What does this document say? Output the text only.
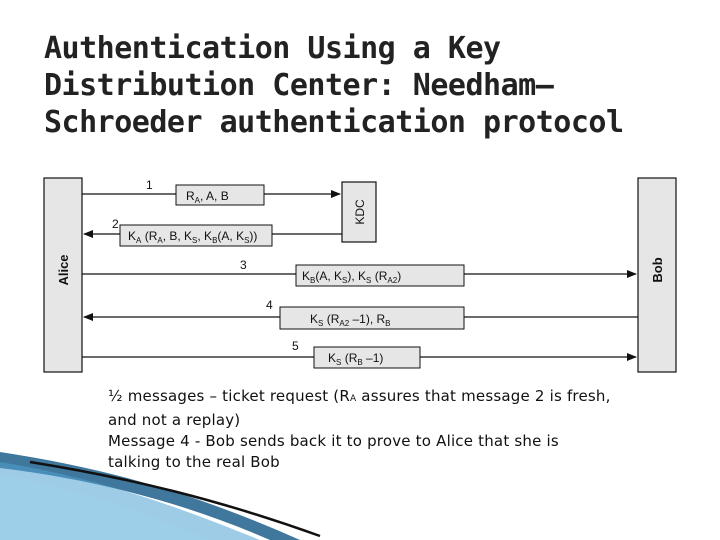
Authentication Using a Key
Distribution Center: Needham–
Schroeder authentication protocol
Alice	Bob
KDC
1
$R_A$, A, B
2
$K_A$ ($R_A$, B, $K_S$, $K_B(A$, $K_S$))
3
$K_B(A$, $K_S$), $K_S$ $(R_{A2})$
4
$K_S$ ($R_{A2}$ –1), $R_B$
5
$K_S$ ($R_B$ –1)

½ messages – ticket request (RA assures that message 2 is fresh,

and not a replay)

Message 4 - Bob sends back it to prove to Alice that she is

talking to the real Bob
